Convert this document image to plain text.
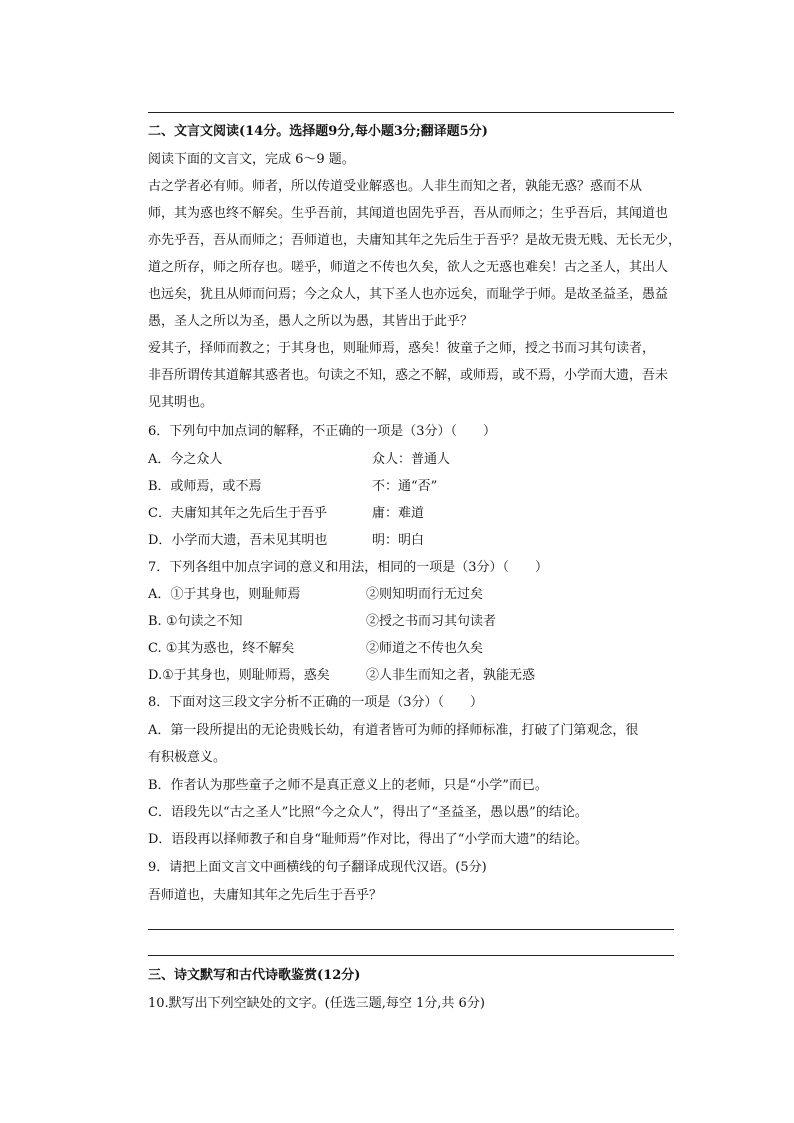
二、文言文阅读(14分。选择题9分,每小题3分;翻译题5分)
阅读下面的文言文，完成 6～9 题。
古之学者必有师。师者，所以传道受业解惑也。人非生而知之者，孰能无惑？惑而不从
师，其为惑也终不解矣。生乎吾前，其闻道也固先乎吾，吾从而师之；生乎吾后，其闻道也
亦先乎吾，吾从而师之；吾师道也，夫庸知其年之先后生于吾乎？是故无贵无贱、无长无少，
道之所存，师之所存也。嗟乎，师道之不传也久矣，欲人之无惑也难矣！古之圣人，其出人
也远矣，犹且从师而问焉；今之众人，其下圣人也亦远矣，而耻学于师。是故圣益圣，愚益
愚，圣人之所以为圣，愚人之所以为愚，其皆出于此乎？
爱其子，择师而教之；于其身也，则耻师焉，惑矣！彼童子之师，授之书而习其句读者，
非吾所谓传其道解其惑者也。句读之不知，惑之不解，或师焉，或不焉，小学而大遗，吾未
见其明也。
6．下列句中加点词的解释，不正确的一项是（3分）（　　）
A．今之众人	众人：普通人
B．或师焉，或不焉	不：通“否”
C．夫庸知其年之先后生于吾乎	庸：难道
D．小学而大遗，吾未见其明也	明：明白
7．下列各组中加点字词的意义和用法，相同的一项是（3分）（　　）
A．①于其身也，则耻师焉	②则知明而行无过矣
B. ①句读之不知	②授之书而习其句读者
C. ①其为惑也，终不解矣	②师道之不传也久矣
D.①于其身也，则耻师焉，惑矣	②人非生而知之者，孰能无惑
8．下面对这三段文字分析不正确的一项是（3分）（　　）
A．第一段所提出的无论贵贱长幼，有道者皆可为师的择师标准，打破了门第观念，很
有积极意义。
B．作者认为那些童子之师不是真正意义上的老师，只是“小学”而已。
C．语段先以“古之圣人”比照“今之众人”，得出了“圣益圣，愚以愚”的结论。
D．语段再以择师教子和自身“耻师焉”作对比，得出了“小学而大遗”的结论。
9．请把上面文言文中画横线的句子翻译成现代汉语。(5分)
吾师道也，夫庸知其年之先后生于吾乎？
三、诗文默写和古代诗歌鉴赏(12分)
10.默写出下列空缺处的文字。(任选三题,每空 1分,共 6分)
